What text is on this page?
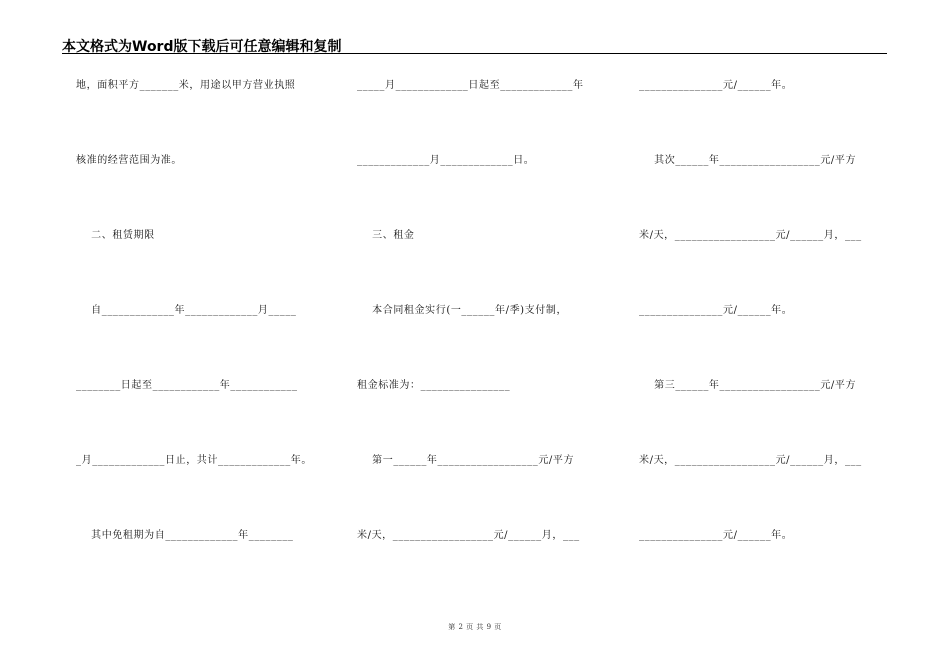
本文格式为Word版下载后可任意编辑和复制
地，面积平方_______米，用途以甲方营业执照
核准的经营范围为准。
二、租赁期限
自_____________年_____________月_____
________日起至____________年____________
_月_____________日止，共计_____________年。
其中免租期为自_____________年________
_____月_____________日起至_____________年
_____________月_____________日。
三、租金
本合同租金实行(一______年/季)支付制，
租金标准为：________________
第一______年__________________元/平方
米/天，__________________元/______月，___
_______________元/______年。
其次______年__________________元/平方
米/天，__________________元/______月，___
_______________元/______年。
第三______年__________________元/平方
米/天，__________________元/______月，___
_______________元/______年。
第 2 页 共 9 页
